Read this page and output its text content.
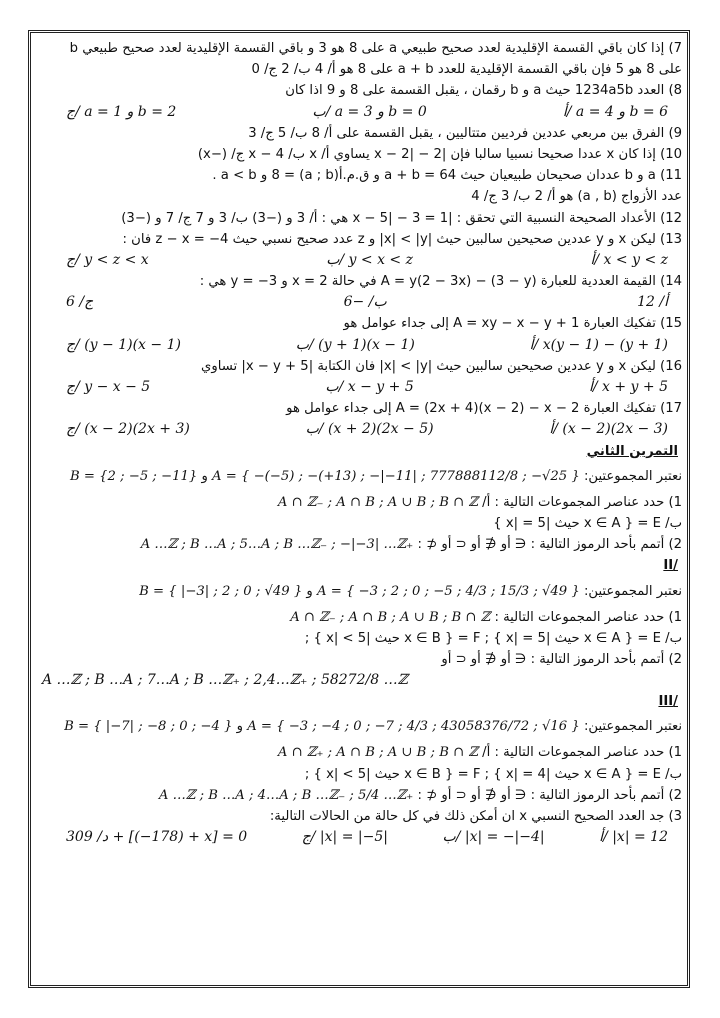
7) إذا كان باقي القسمة الإقليدية لعدد صحيح طبيعي a على 8 هو 3 و باقي القسمة الإقليدية لعدد صحيح طبيعي b
على 8 هو 5 فإن باقي القسمة الإقليدية للعدد a + b على 8 هو أ/ 4 ب/ 2 ج/ 0
8) العدد 1234a5b حيث a و b رقمان ، يقبل القسمة على 8 و 9 اذا كان
أ/ a = 4 و b = 6
ب/ a = 3 و b = 0
ج/ a = 1 و b = 2
9) الفرق بين مربعي عددين فرديين متتاليين ، يقبل القسمة على أ/ 8 ب/ 5 ج/ 3
10) إذا كان x عددا صحيحا نسبيا سالبا فإن |x − 2| − 2 يساوي أ/ x ب/ 4 − x ج/ (−x)
11) a و b عددان صحيحان طبيعيان حيث a + b = 64 و ق.م.أ(a ; b) = 8 و a < b .
عدد الأزواج (a , b) هو أ/ 2 ب/ 3 ج/ 4
12) الأعداد الصحيحة النسبية التي تحقق : |x − 5| − 3 = 1 هي : أ/ 3 و (−3) ب/ 3 و 7 ج/ 7 و (−3)
13) ليكن x و y عددين صحيحين سالبين حيث |x| < |y| و z عدد صحيح نسبي حيث z − x = −4 فان :
أ/ x < y < z
ب/ y < x < z
ج/ y < z < x
14) القيمة العددية للعبارة A = y(2 − 3x) − (3 − y) في حالة x = 2 و y = −3 هي :
أ/ 12
ب/ −6
ج/ 6
15) تفكيك العبارة A = xy − x − y + 1 إلى جداء عوامل هو
أ/ x(y − 1) − (y + 1)
ب/ (y + 1)(x − 1)
ج/ (y − 1)(x − 1)
16) ليكن x و y عددين صحيحين سالبين حيث |x| < |y| فان الكتابة |x − y + 5| تساوي
أ/ x + y + 5
ب/ x − y + 5
ج/ y − x − 5
17) تفكيك العبارة A = (2x + 4)(x − 2) − x − 2 إلى جداء عوامل هو
أ/ (x − 2)(2x − 3)
ب/ (x + 2)(2x − 5)
ج/ (x − 2)(2x + 3)
التمرين الثاني
نعتبر المجموعتين: A = { −(−5) ; −(+13) ; −|−11| ; 777888112/8 ; −√25 } و B = {2 ; −5 ; −11}
1) حدد عناصر المجموعات التالية : أ/ A ∩ ℤ₋ ; A ∩ B ; A ∪ B ; B ∩ ℤ
ب/ E = { x ∈ A حيث |x| = 5 }
2) أتمم بأحد الرموز التالية : ∈ أو ∉ أو ⊂ أو ⊄ : A …ℤ ; B …A ; 5…A ; B …ℤ₋ ; −|−3| …ℤ₊
/II
نعتبر المجموعتين: A = { −3 ; 2 ; 0 ; −5 ; 4/3 ; 15/3 ; √49 } و B = { |−3| ; 2 ; 0 ; √49 }
1) حدد عناصر المجموعات التالية : A ∩ ℤ₋ ; A ∩ B ; A ∪ B ; B ∩ ℤ
ب/ E = { x ∈ A حيث |x| = 5 } ; F = { x ∈ B حيث |x| < 5 } ;
2) أتمم بأحد الرموز التالية : ∈ أو ∉ أو ⊂ أو
A …ℤ ; B …A ; 7…A ; B …ℤ₊ ; 2,4…ℤ₊ ; 58272/8 …ℤ
/III
نعتبر المجموعتين: A = { −3 ; −4 ; 0 ; −7 ; 4/3 ; 43058376/72 ; √16 } و B = { |−7| ; −8 ; 0 ; −4 }
1) حدد عناصر المجموعات التالية : أ/ A ∩ ℤ₊ ; A ∩ B ; A ∪ B ; B ∩ ℤ
ب/ E = { x ∈ A حيث |x| = 4 } ; F = { x ∈ B حيث |x| < 5 } ;
2) أتمم بأحد الرموز التالية : ∈ أو ∉ أو ⊂ أو ⊄ : A …ℤ ; B …A ; 4…A ; B …ℤ₋ ; 5/4 …ℤ₊
3) جد العدد الصحيح النسبي x ان أمكن ذلك في كل حالة من الحالات التالية:
أ/ |x| = 12
ب/ |x| = −|−4|
ج/ |x| = |−5|
د/ 309 + [(−178) + x] = 0
